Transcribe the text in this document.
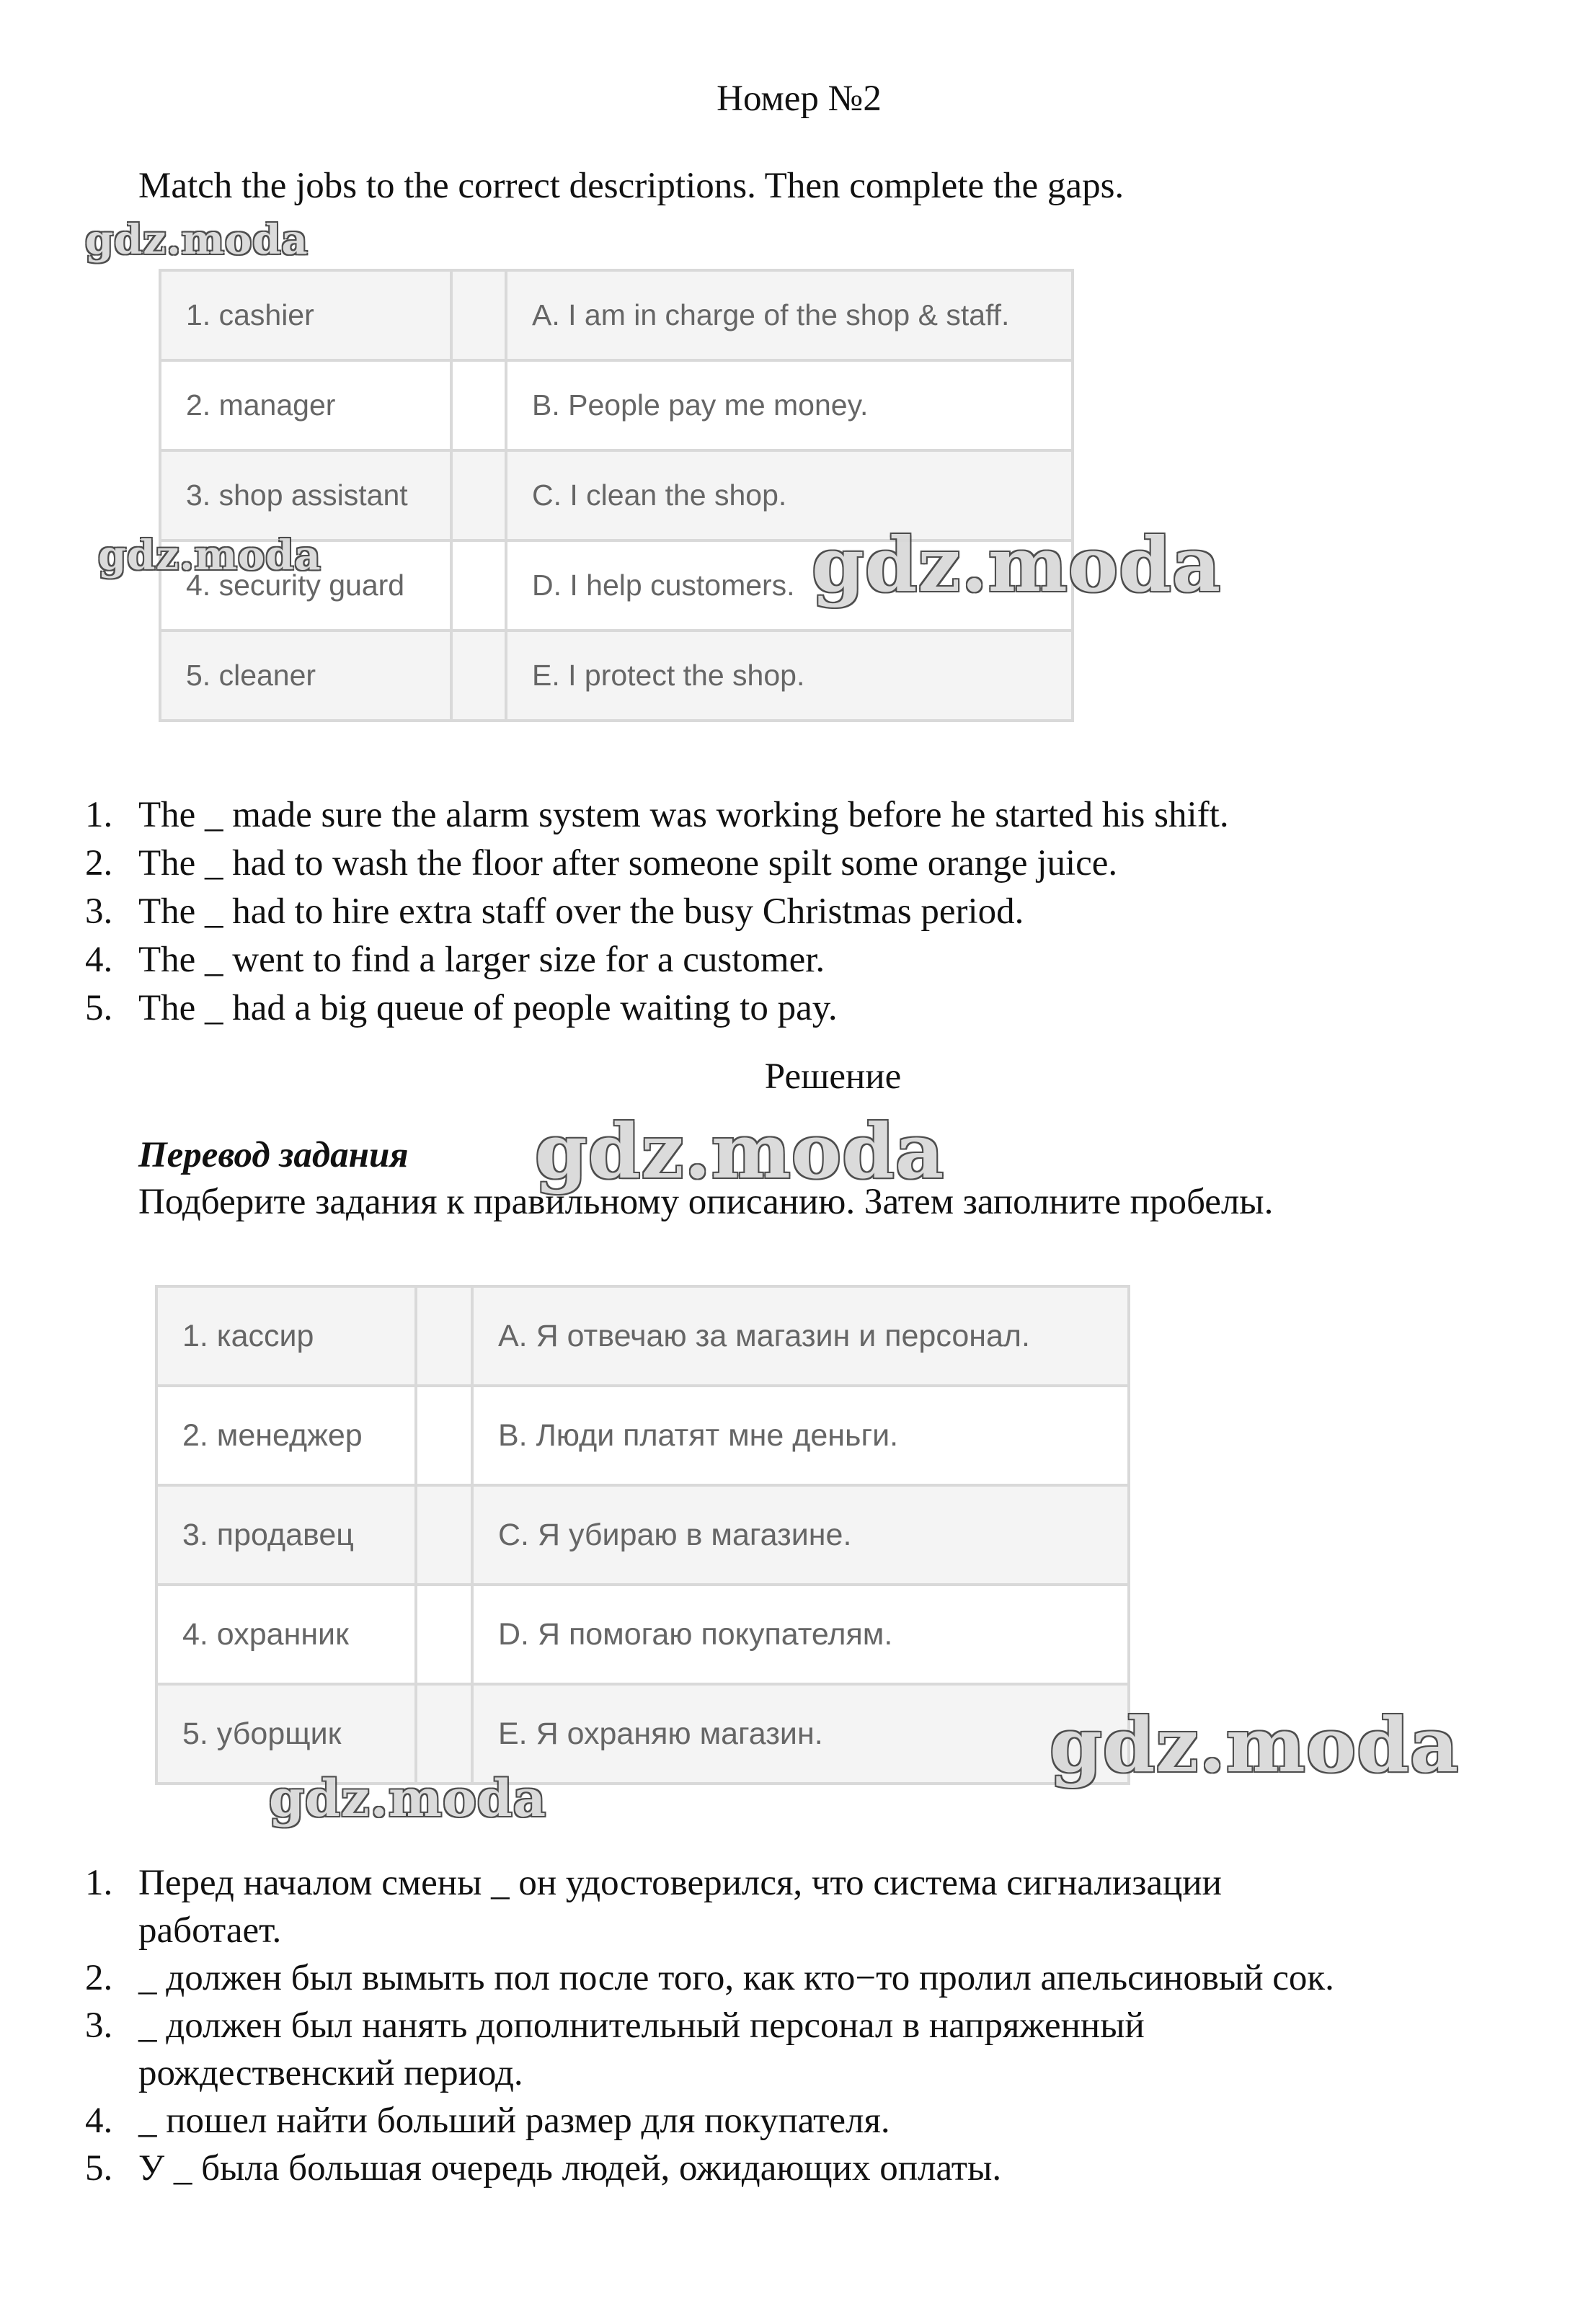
Номер №2
Match the jobs to the correct descriptions. Then complete the gaps.
1. cashier		A. I am in charge of the shop & staff.
2. manager		B. People pay me money.
3. shop assistant		C. I clean the shop.
4. security guard		D. I help customers.
5. cleaner		E. I protect the shop.
1. The _ made sure the alarm system was working before he started his shift.
2. The _ had to wash the floor after someone spilt some orange juice.
3. The _ had to hire extra staff over the busy Christmas period.
4. The _ went to find a larger size for a customer.
5. The _ had a big queue of people waiting to pay.
Решение
Перевод задания
Подберите задания к правильному описанию. Затем заполните пробелы.
1. кассир		A. Я отвечаю за магазин и персонал.
2. менеджер		B. Люди платят мне деньги.
3. продавец		C. Я убираю в магазине.
4. охранник		D. Я помогаю покупателям.
5. уборщик		E. Я охраняю магазин.
1. Перед началом смены _ он удостоверился, что система сигнализации
работает.
2. _ должен был вымыть пол после того, как кто−то пролил апельсиновый сок.
3. _ должен был нанять дополнительный персонал в напряженный
рождественский период.
4. _ пошел найти больший размер для покупателя.
5. У _ была большая очередь людей, ожидающих оплаты.
gdz.moda
gdz.moda	gdz.moda
gdz.moda
gdz.moda
gdz.moda
